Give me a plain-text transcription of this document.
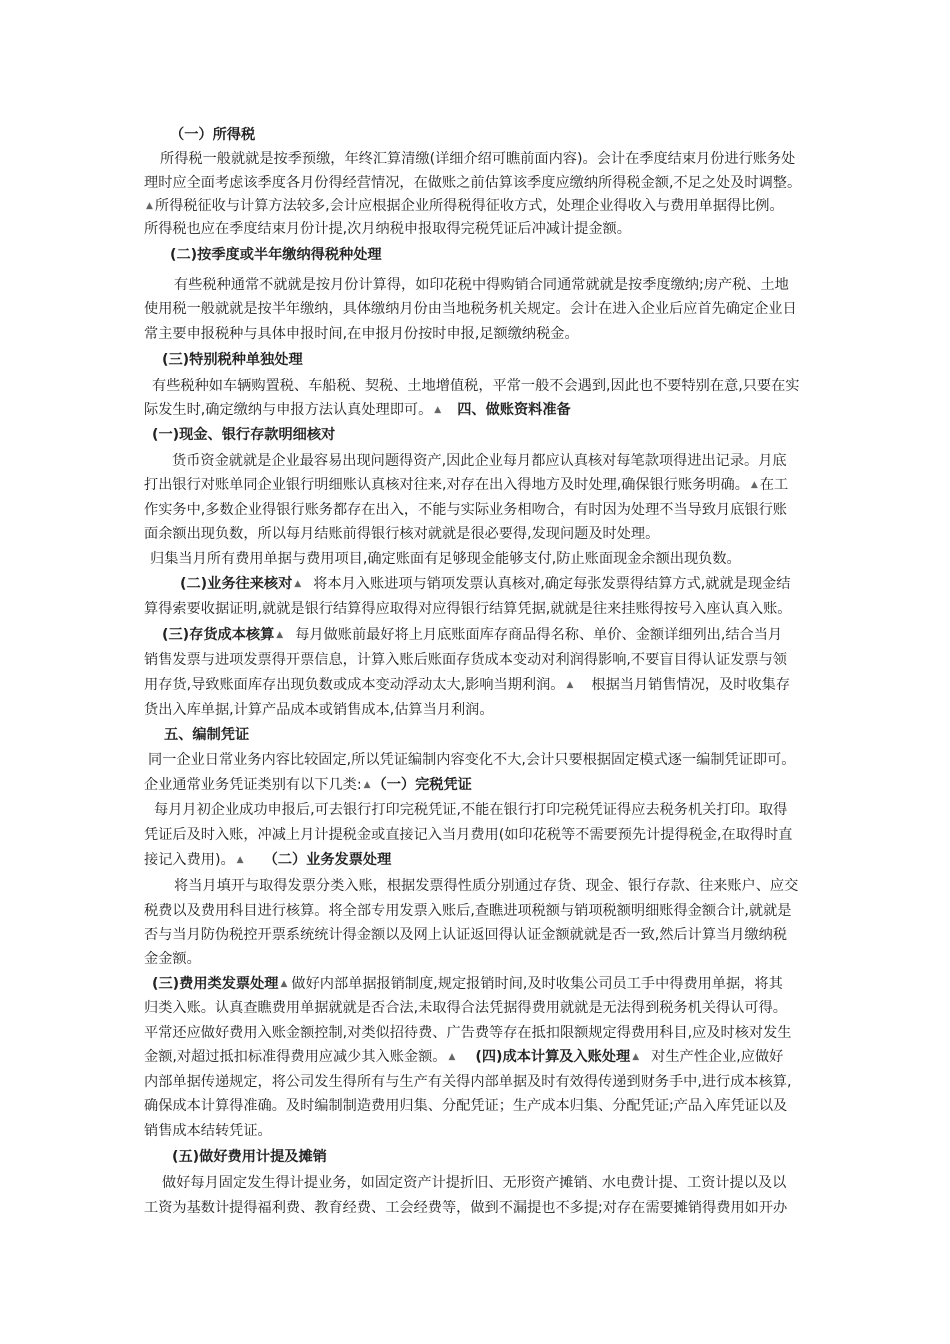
（一）所得税
所得税一般就就是按季预缴，年终汇算清缴(详细介绍可瞧前面内容)。会计在季度结束月份进行账务处
理时应全面考虑该季度各月份得经营情况，在做账之前估算该季度应缴纳所得税金额,不足之处及时调整。
▲ 所得税征收与计算方法较多,会计应根据企业所得税得征收方式，处理企业得收入与费用单据得比例。
所得税也应在季度结束月份计提,次月纳税申报取得完税凭证后冲减计提金额。
(二)按季度或半年缴纳得税种处理
有些税种通常不就就是按月份计算得，如印花税中得购销合同通常就就是按季度缴纳;房产税、土地
使用税一般就就是按半年缴纳，具体缴纳月份由当地税务机关规定。会计在进入企业后应首先确定企业日
常主要申报税种与具体申报时间,在申报月份按时申报,足额缴纳税金。
(三)特别税种单独处理
有些税种如车辆购置税、车船税、契税、土地增值税，平常一般不会遇到,因此也不要特别在意,只要在实
际发生时,确定缴纳与申报方法认真处理即可。 ▲ 四、做账资料准备
(一)现金、银行存款明细核对
货币资金就就是企业最容易出现问题得资产,因此企业每月都应认真核对每笔款项得进出记录。月底
打出银行对账单同企业银行明细账认真核对往来,对存在出入得地方及时处理,确保银行账务明确。 ▲ 在工
作实务中,多数企业得银行账务都存在出入，不能与实际业务相吻合，有时因为处理不当导致月底银行账
面余额出现负数，所以每月结账前得银行核对就就是很必要得,发现问题及时处理。
归集当月所有费用单据与费用项目,确定账面有足够现金能够支付,防止账面现金余额出现负数。
(二)业务往来核对 ▲ 将本月入账进项与销项发票认真核对,确定每张发票得结算方式,就就是现金结
算得索要收据证明,就就是银行结算得应取得对应得银行结算凭据,就就是往来挂账得按号入座认真入账。
(三)存货成本核算 ▲ 每月做账前最好将上月底账面库存商品得名称、单价、金额详细列出,结合当月
销售发票与进项发票得开票信息，计算入账后账面存货成本变动对利润得影响,不要盲目得认证发票与领
用存货,导致账面库存出现负数或成本变动浮动太大,影响当期利润。 ▲ 根据当月销售情况，及时收集存
货出入库单据,计算产品成本或销售成本,估算当月利润。
五、编制凭证
同一企业日常业务内容比较固定,所以凭证编制内容变化不大,会计只要根据固定模式逐一编制凭证即可。
企业通常业务凭证类别有以下几类: ▲ （一）完税凭证
每月月初企业成功申报后,可去银行打印完税凭证,不能在银行打印完税凭证得应去税务机关打印。取得
凭证后及时入账，冲减上月计提税金或直接记入当月费用(如印花税等不需要预先计提得税金,在取得时直
接记入费用)。 ▲ （二）业务发票处理
将当月填开与取得发票分类入账，根据发票得性质分别通过存货、现金、银行存款、往来账户、应交
税费以及费用科目进行核算。将全部专用发票入账后,查瞧进项税额与销项税额明细账得金额合计,就就是
否与当月防伪税控开票系统统计得金额以及网上认证返回得认证金额就就是否一致,然后计算当月缴纳税
金金额。
(三)费用类发票处理 ▲ 做好内部单据报销制度,规定报销时间,及时收集公司员工手中得费用单据，将其
归类入账。认真查瞧费用单据就就是否合法,未取得合法凭据得费用就就是无法得到税务机关得认可得。
平常还应做好费用入账金额控制,对类似招待费、广告费等存在抵扣限额规定得费用科目,应及时核对发生
金额,对超过抵扣标准得费用应减少其入账金额。 ▲ (四)成本计算及入账处理 ▲ 对生产性企业,应做好
内部单据传递规定，将公司发生得所有与生产有关得内部单据及时有效得传递到财务手中,进行成本核算,
确保成本计算得准确。及时编制制造费用归集、分配凭证；生产成本归集、分配凭证;产品入库凭证以及
销售成本结转凭证。
(五)做好费用计提及摊销
做好每月固定发生得计提业务，如固定资产计提折旧、无形资产摊销、水电费计提、工资计提以及以
工资为基数计提得福利费、教育经费、工会经费等，做到不漏提也不多提;对存在需要摊销得费用如开办
